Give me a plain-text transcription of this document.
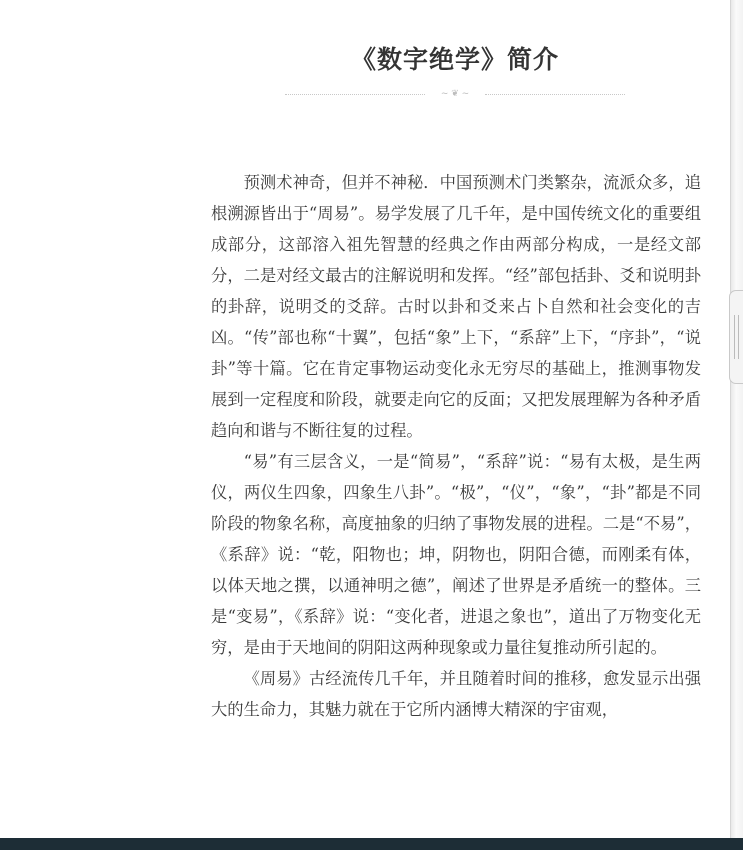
《数字绝学》简介
~ ❦ ~

预测术神奇，但并不神秘．中国预测术门类繁杂，流派众多，追根溯源皆出于“周易”。易学发展了几千年，是中国传统文化的重要组成部分，这部溶入祖先智慧的经典之作由两部分构成，一是经文部分，二是对经文最古的注解说明和发挥。“经”部包括卦、爻和说明卦的卦辞，说明爻的爻辞。古时以卦和爻来占卜自然和社会变化的吉凶。“传”部也称“十翼”，包括“象”上下，“系辞”上下，“序卦”，“说卦”等十篇。它在肯定事物运动变化永无穷尽的基础上，推测事物发展到一定程度和阶段，就要走向它的反面；又把发展理解为各种矛盾趋向和谐与不断往复的过程。

“易”有三层含义，一是“简易”，“系辞”说：“易有太极，是生两仪，两仪生四象，四象生八卦”。“极”，“仪”，“象”，“卦”都是不同阶段的物象名称，高度抽象的归纳了事物发展的进程。二是“不易”，《系辞》说：“乾，阳物也；坤，阴物也，阴阳合德，而刚柔有体，以体天地之撰，以通神明之德”，阐述了世界是矛盾统一的整体。三是“变易”，《系辞》说：“变化者，进退之象也”，道出了万物变化无穷，是由于天地间的阴阳这两种现象或力量往复推动所引起的。

《周易》古经流传几千年，并且随着时间的推移，愈发显示出强大的生命力，其魅力就在于它所内涵博大精深的宇宙观，
